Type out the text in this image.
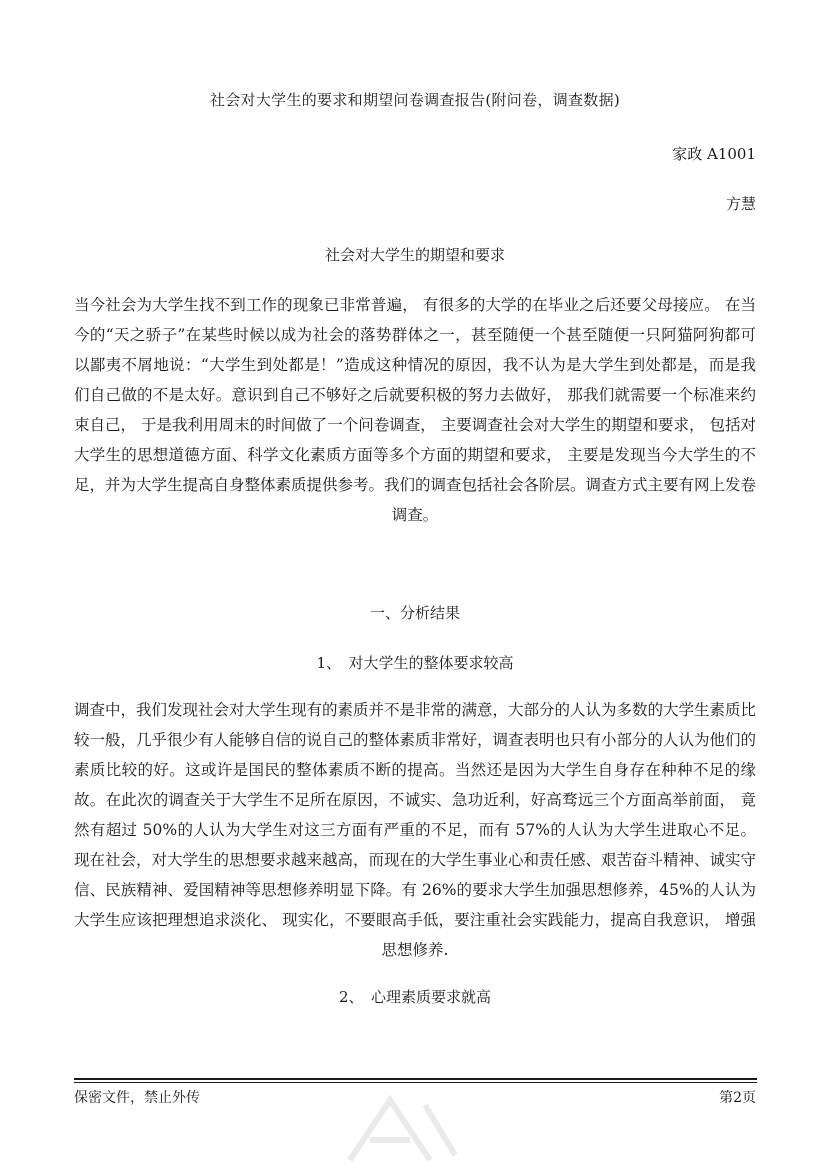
社会对大学生的要求和期望问卷调查报告(附问卷，调查数据)
家政 A1001
方慧
社会对大学生的期望和要求

当今社会为大学生找不到工作的现象已非常普遍， 有很多的大学的在毕业之后还要父母接应。 在当今的“天之骄子”在某些时候以成为社会的落势群体之一，甚至随便一个甚至随便一只阿猫阿狗都可以鄙夷不屑地说：“大学生到处都是！”造成这种情况的原因，我不认为是大学生到处都是，而是我们自己做的不是太好。意识到自己不够好之后就要积极的努力去做好， 那我们就需要一个标准来约束自己， 于是我利用周末的时间做了一个问卷调查， 主要调查社会对大学生的期望和要求， 包括对大学生的思想道德方面、科学文化素质方面等多个方面的期望和要求， 主要是发现当今大学生的不足，并为大学生提高自身整体素质提供参考。我们的调查包括社会各阶层。调查方式主要有网上发卷调查。

一、分析结果
1、　对大学生的整体要求较高

调查中，我们发现社会对大学生现有的素质并不是非常的满意，大部分的人认为多数的大学生素质比较一般，几乎很少有人能够自信的说自己的整体素质非常好，调查表明也只有小部分的人认为他们的素质比较的好。这或许是国民的整体素质不断的提高。当然还是因为大学生自身存在种种不足的缘故。在此次的调查关于大学生不足所在原因，不诚实、急功近利，好高骛远三个方面高举前面， 竟然有超过 50%的人认为大学生对这三方面有严重的不足，而有 57%的人认为大学生进取心不足。现在社会，对大学生的思想要求越来越高，而现在的大学生事业心和责任感、艰苦奋斗精神、诚实守信、民族精神、爱国精神等思想修养明显下降。有 26%的要求大学生加强思想修养，45%的人认为大学生应该把理想追求淡化、 现实化，不要眼高手低，要注重社会实践能力，提高自我意识， 增强思想修养.

2、　心理素质要求就高
保密文件，禁止外传	第2页
